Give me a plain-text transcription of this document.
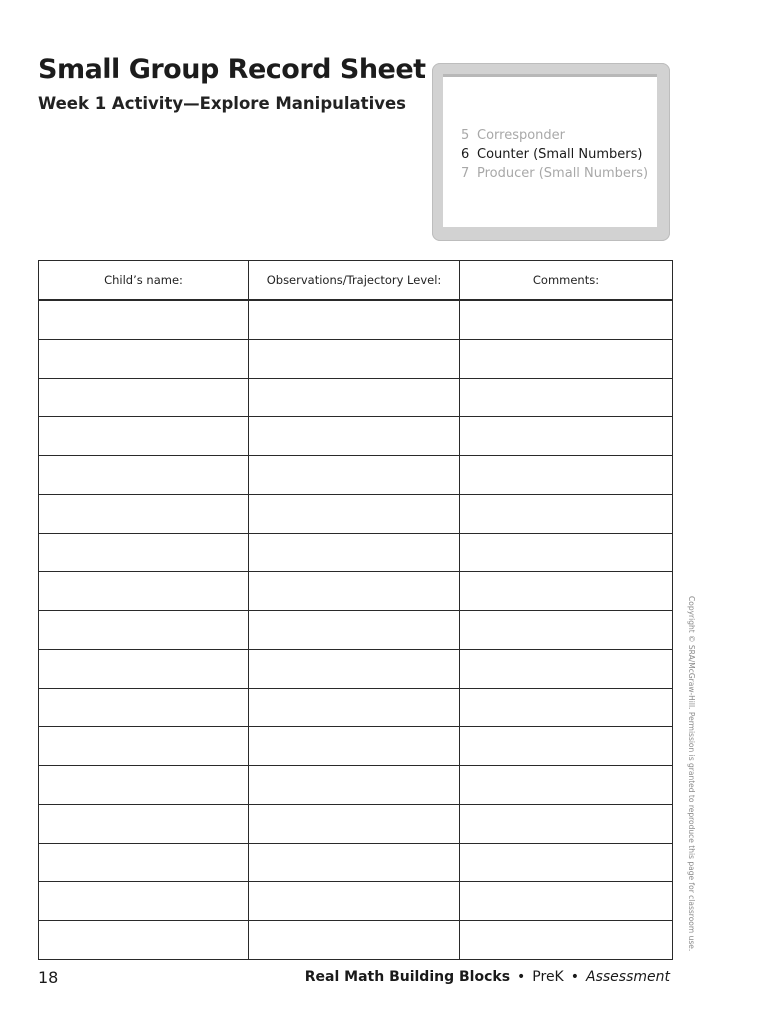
Small Group Record Sheet
Week 1 Activity—Explore Manipulatives
5 Corresponder
6 Counter (Small Numbers)
7 Producer (Small Numbers)
Child’s name:	Observations/Trajectory Level:	Comments:

18	Real Math Building Blocks • PreK • Assessment
Copyright © SRA/McGraw-Hill. Permission is granted to reproduce this page for classroom use.
